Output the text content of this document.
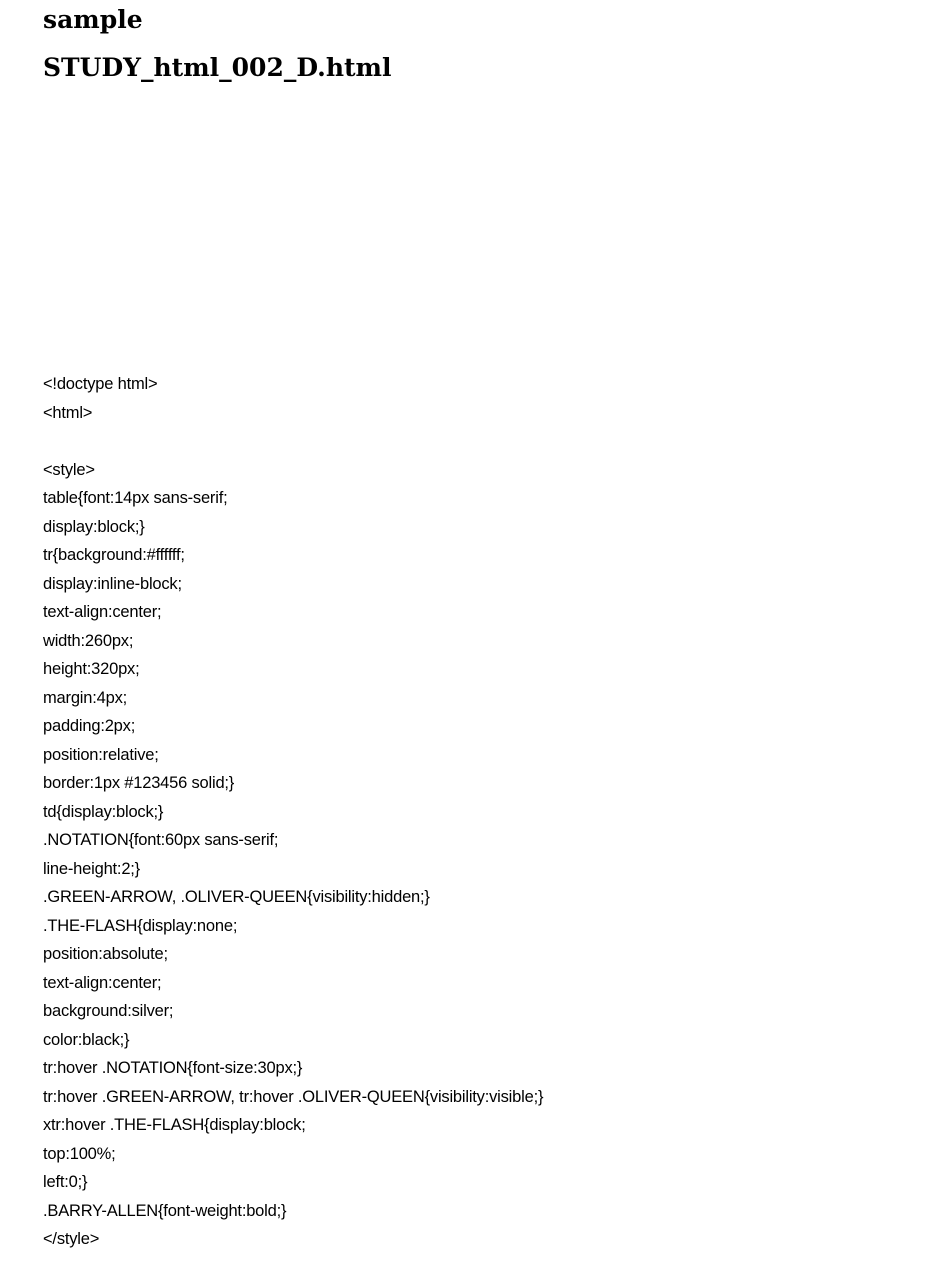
sample
STUDY_html_002_D.html
<!doctype html>
<html>
<style>
table{font:14px sans-serif;
display:block;}
tr{background:#ffffff;
display:inline-block;
text-align:center;
width:260px;
height:320px;
margin:4px;
padding:2px;
position:relative;
border:1px #123456 solid;}
td{display:block;}
.NOTATION{font:60px sans-serif;
line-height:2;}
.GREEN-ARROW, .OLIVER-QUEEN{visibility:hidden;}
.THE-FLASH{display:none;
position:absolute;
text-align:center;
background:silver;
color:black;}
tr:hover .NOTATION{font-size:30px;}
tr:hover .GREEN-ARROW, tr:hover .OLIVER-QUEEN{visibility:visible;}
xtr:hover .THE-FLASH{display:block;
top:100%;
left:0;}
.BARRY-ALLEN{font-weight:bold;}
</style>
